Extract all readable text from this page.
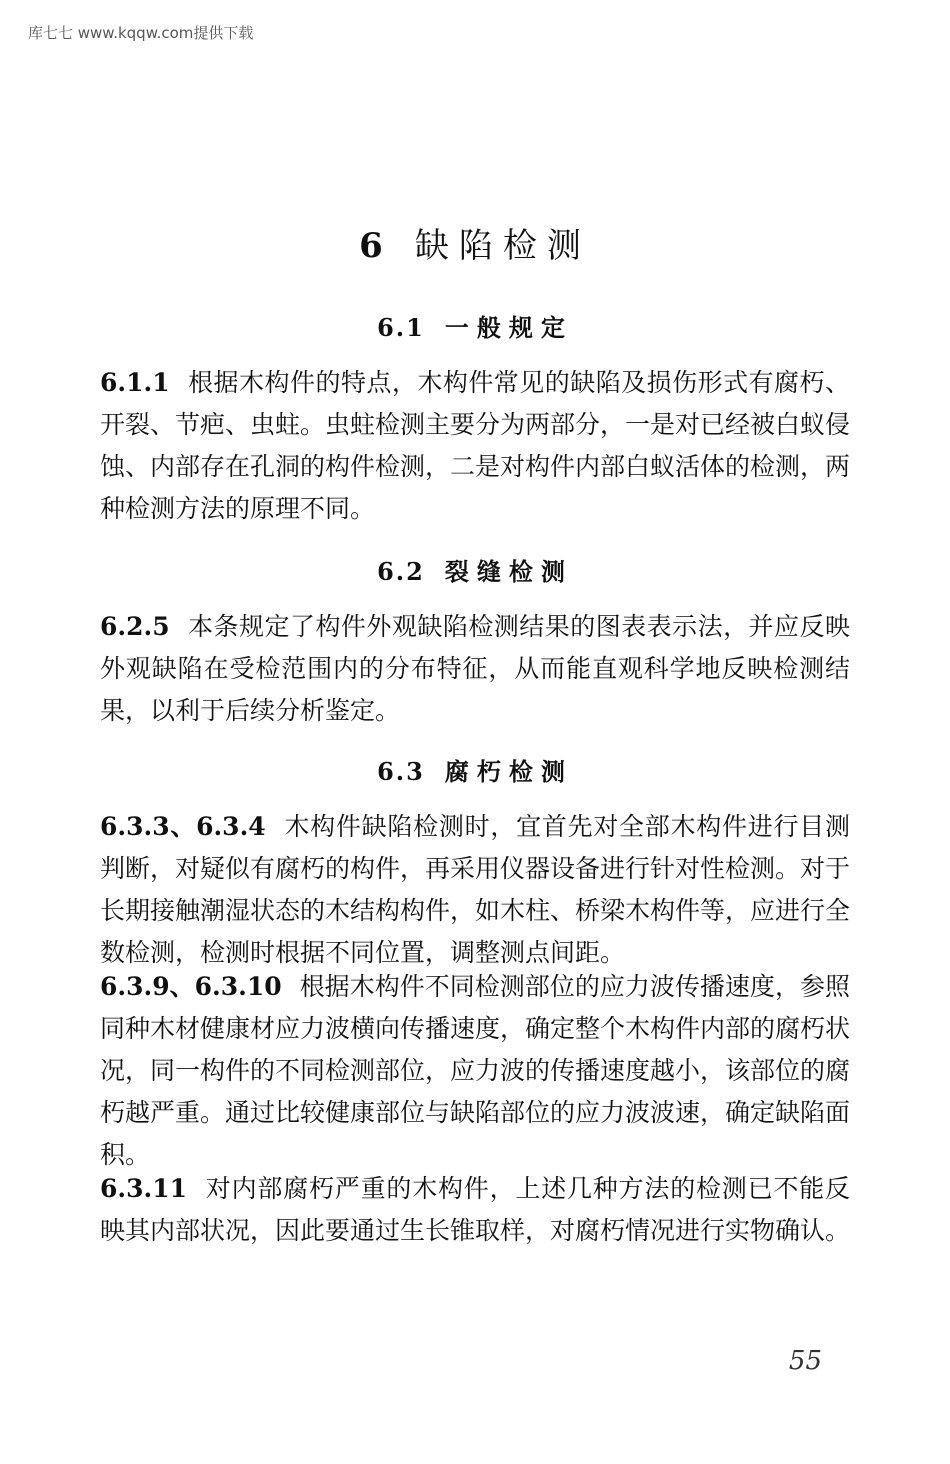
库七七 www.kqqw.com提供下载
6 缺陷检测
6.1 一般规定
6.1.1 根据木构件的特点，木构件常见的缺陷及损伤形式有腐朽、开裂、节疤、虫蛀。虫蛀检测主要分为两部分，一是对已经被白蚁侵蚀、内部存在孔洞的构件检测，二是对构件内部白蚁活体的检测，两种检测方法的原理不同。
6.2 裂缝检测
6.2.5 本条规定了构件外观缺陷检测结果的图表表示法，并应反映外观缺陷在受检范围内的分布特征，从而能直观科学地反映检测结果，以利于后续分析鉴定。
6.3 腐朽检测
6.3.3、6.3.4 木构件缺陷检测时，宜首先对全部木构件进行目测判断，对疑似有腐朽的构件，再采用仪器设备进行针对性检测。对于长期接触潮湿状态的木结构构件，如木柱、桥梁木构件等，应进行全数检测，检测时根据不同位置，调整测点间距。
6.3.9、6.3.10 根据木构件不同检测部位的应力波传播速度，参照同种木材健康材应力波横向传播速度，确定整个木构件内部的腐朽状况，同一构件的不同检测部位，应力波的传播速度越小，该部位的腐朽越严重。通过比较健康部位与缺陷部位的应力波波速，确定缺陷面积。
6.3.11 对内部腐朽严重的木构件，上述几种方法的检测已不能反映其内部状况，因此要通过生长锥取样，对腐朽情况进行实物确认。
55
